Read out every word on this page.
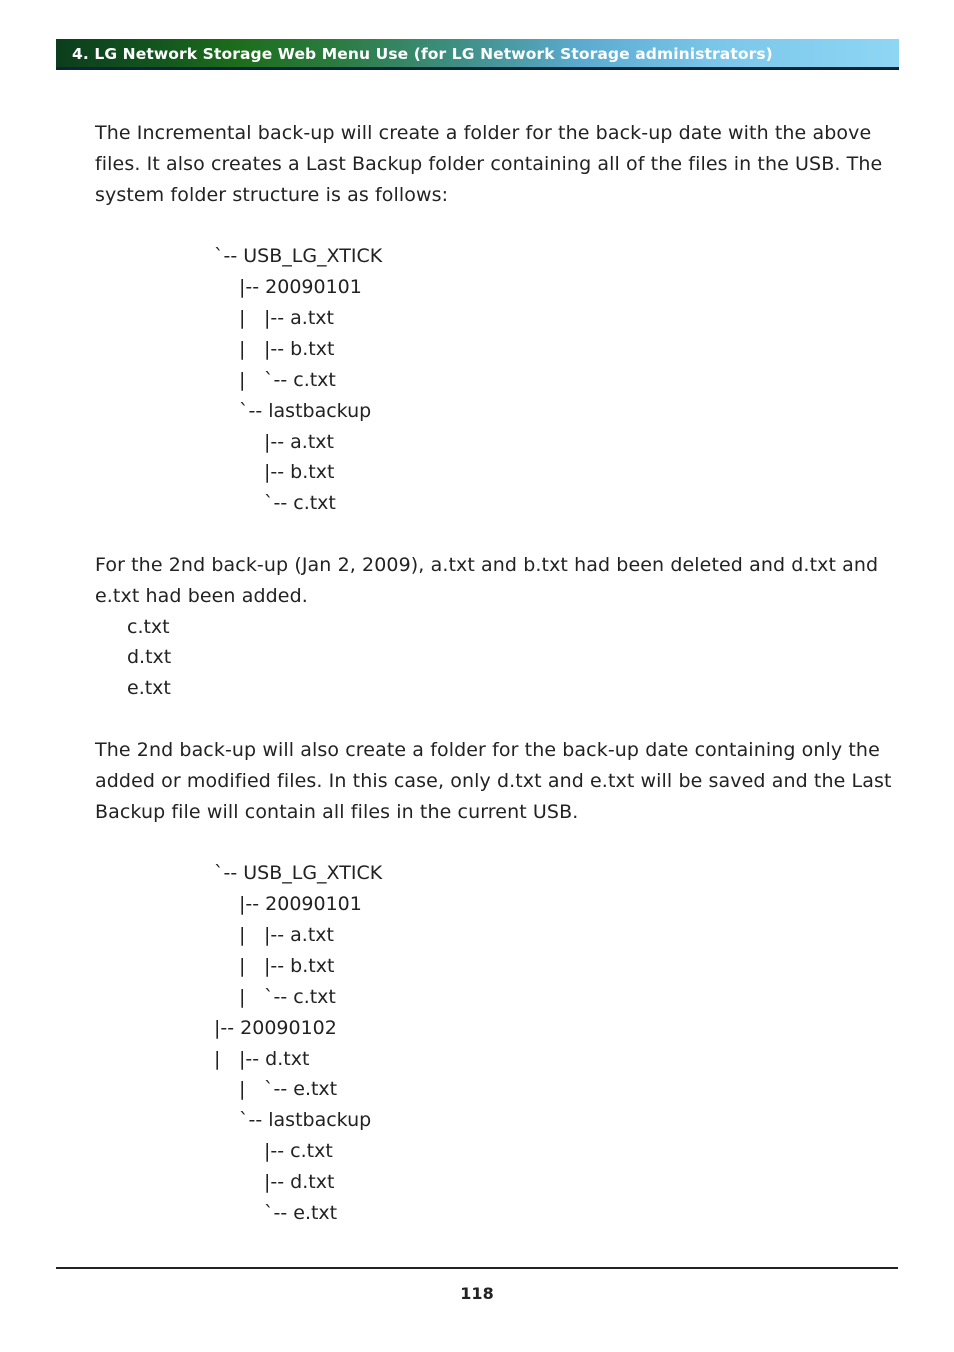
4. LG Network Storage Web Menu Use (for LG Network Storage administrators)
The Incremental back-up will create a folder for the back-up date with the above
files. It also creates a Last Backup folder containing all of the files in the USB. The
system folder structure is as follows:
`-- USB_LG_XTICK
|-- 20090101
| |-- a.txt
| |-- b.txt
| `-- c.txt
`-- lastbackup
|-- a.txt
|-- b.txt
`-- c.txt
For the 2nd back-up (Jan 2, 2009), a.txt and b.txt had been deleted and d.txt and
e.txt had been added.
c.txt
d.txt
e.txt
The 2nd back-up will also create a folder for the back-up date containing only the
added or modified files. In this case, only d.txt and e.txt will be saved and the Last
Backup file will contain all files in the current USB.
`-- USB_LG_XTICK
|-- 20090101
| |-- a.txt
| |-- b.txt
| `-- c.txt
|-- 20090102
| |-- d.txt
| `-- e.txt
`-- lastbackup
|-- c.txt
|-- d.txt
`-- e.txt
118
